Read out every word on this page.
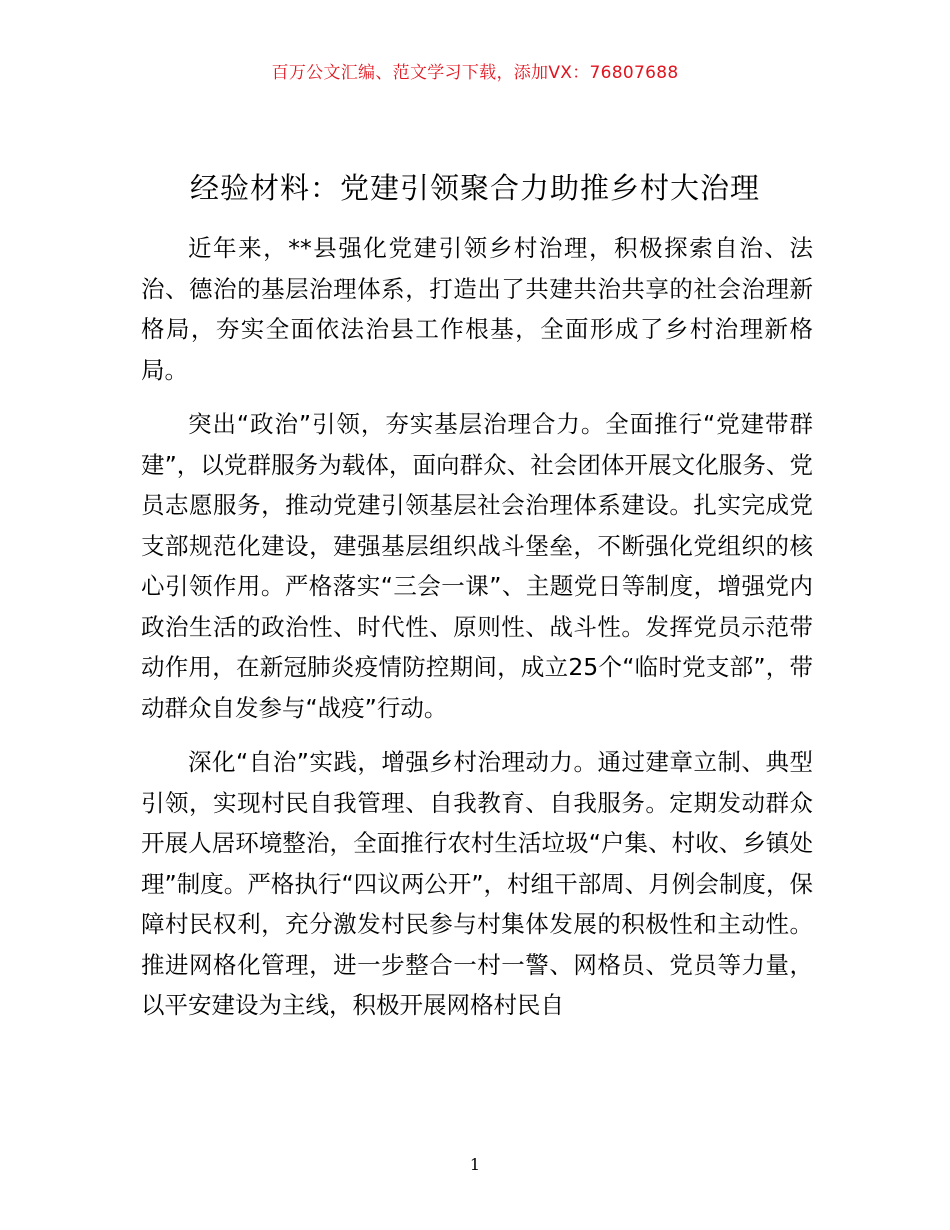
百万公文汇编、范文学习下载，添加VX：76807688
经验材料：党建引领聚合力助推乡村大治理

近年来，**县强化党建引领乡村治理，积极探索自治、法治、德治的基层治理体系，打造出了共建共治共享的社会治理新格局，夯实全面依法治县工作根基，全面形成了乡村治理新格局。

突出“政治”引领，夯实基层治理合力。全面推行“党建带群建”，以党群服务为载体，面向群众、社会团体开展文化服务、党员志愿服务，推动党建引领基层社会治理体系建设。扎实完成党支部规范化建设，建强基层组织战斗堡垒，不断强化党组织的核心引领作用。严格落实“三会一课”、主题党日等制度，增强党内政治生活的政治性、时代性、原则性、战斗性。发挥党员示范带动作用，在新冠肺炎疫情防控期间，成立25个“临时党支部”，带动群众自发参与“战疫”行动。

深化“自治”实践，增强乡村治理动力。通过建章立制、典型引领，实现村民自我管理、自我教育、自我服务。定期发动群众开展人居环境整治，全面推行农村生活垃圾“户集、村收、乡镇处理”制度。严格执行“四议两公开”，村组干部周、月例会制度，保障村民权利，充分激发村民参与村集体发展的积极性和主动性。推进网格化管理，进一步整合一村一警、网格员、党员等力量，以平安建设为主线，积极开展网格村民自

1
